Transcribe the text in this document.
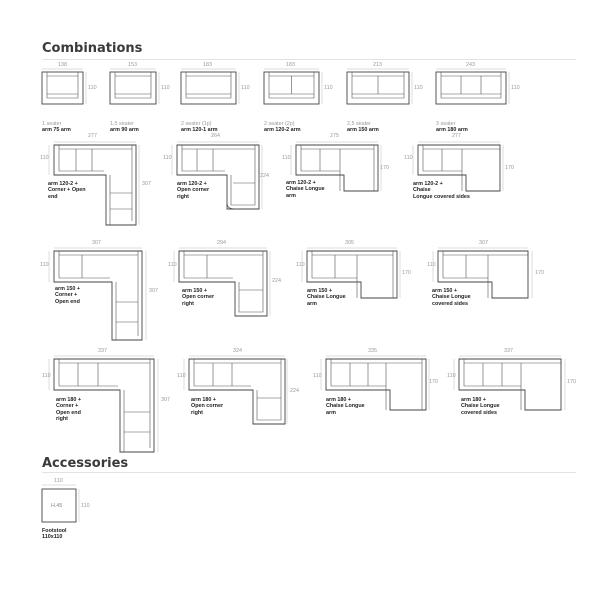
Combinations
Accessories
138
110

1 seater
arm 75 arm

153
110

1,5 seater
arm 90 arm

183
110

2 seater (1p)
arm 120-1 arm

183
110

2 seater (2p)
arm 120-2 arm

213
110

2,5 seater
arm 150 arm

243
110

3 seater
arm 180 arm

277
110
307
arm 120-2 +
Corner + Open
end
264
110
224
arm 120-2 +
Open corner
right
275
110
170
arm 120-2 +
Chaise Longue
arm
277
110
170
arm 120-2 +
Chaise
Longue covered sides
307
110
307
arm 150 +
Corner +
Open end
294
110
224
arm 150 +
Open corner
right
305
110
170
arm 150 +
Chaise Longue
arm
307
110
170
arm 150 +
Chaise Longue
covered sides
337
110
307
arm 180 +
Corner +
Open end
right
324
110
224
arm 180 +
Open corner
right
335
110
170
arm 180 +
Chaise Longue
arm
337
110
170
arm 180 +
Chaise Longue
covered sides
110
H.45	110
Footstool
110x110
